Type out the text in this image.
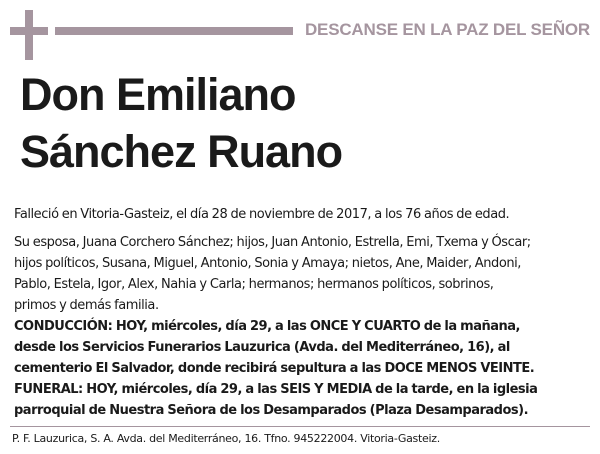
DESCANSE EN LA PAZ DEL SEÑOR
Don Emiliano
Sánchez Ruano

Falleció en Vitoria-Gasteiz, el día 28 de noviembre de 2017, a los 76 años de edad.

Su esposa, Juana Corchero Sánchez; hijos, Juan Antonio, Estrella, Emi, Txema y Óscar;
hijos políticos, Susana, Miguel, Antonio, Sonia y Amaya; nietos, Ane, Maider, Andoni,
Pablo, Estela, Igor, Alex, Nahia y Carla; hermanos; hermanos políticos, sobrinos,
primos y demás familia.

CONDUCCIÓN: HOY, miércoles, día 29, a las ONCE Y CUARTO de la mañana,
desde los Servicios Funerarios Lauzurica (Avda. del Mediterráneo, 16), al
cementerio El Salvador, donde recibirá sepultura a las DOCE MENOS VEINTE.

FUNERAL: HOY, miércoles, día 29, a las SEIS Y MEDIA de la tarde, en la iglesia
parroquial de Nuestra Señora de los Desamparados (Plaza Desamparados).

P. F. Lauzurica, S. A. Avda. del Mediterráneo, 16. Tfno. 945222004. Vitoria-Gasteiz.
